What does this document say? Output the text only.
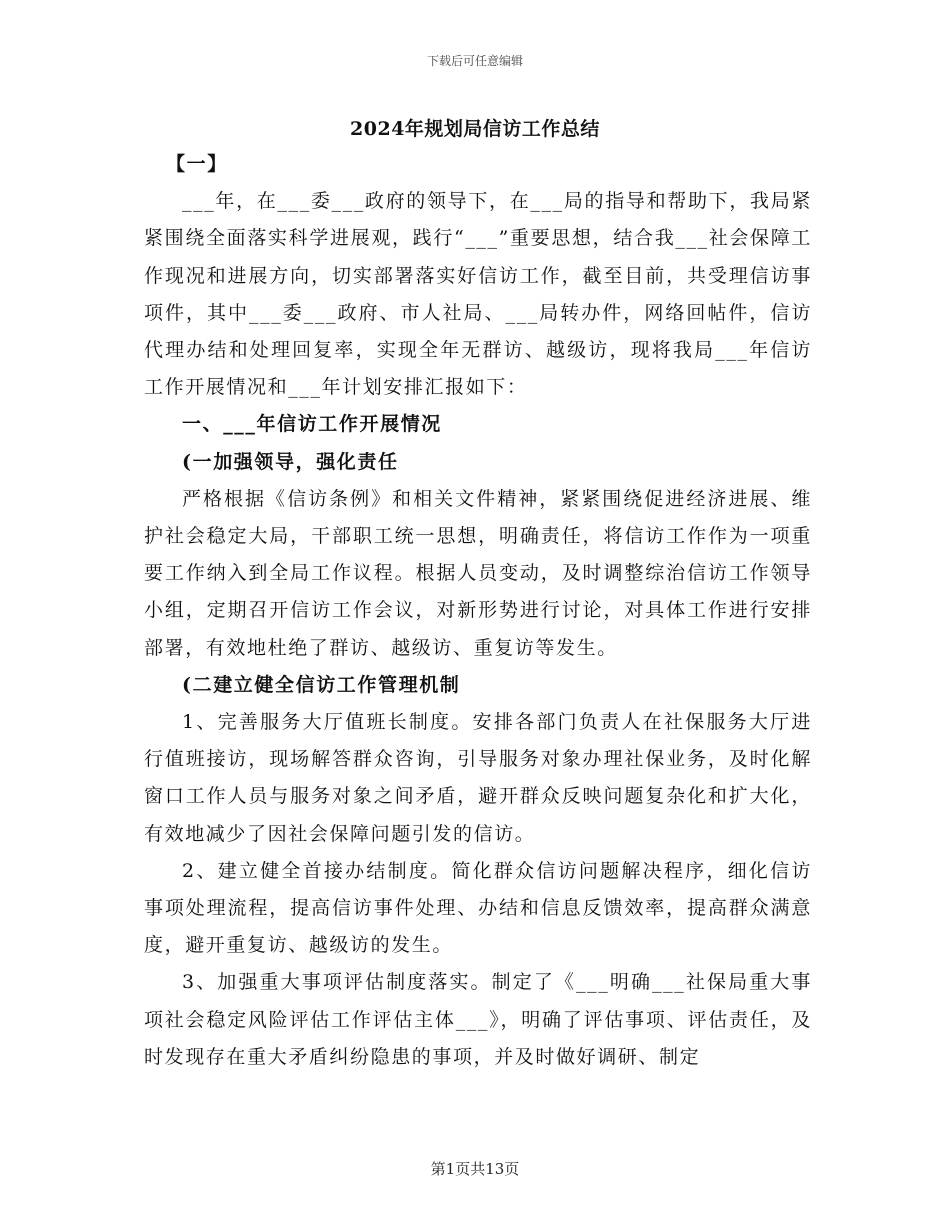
下载后可任意编辑
2024年规划局信访工作总结

【一】

___年，在___委___政府的领导下，在___局的指导和帮助下，我局紧紧围绕全面落实科学进展观，践行“___”重要思想，结合我___社会保障工作现况和进展方向，切实部署落实好信访工作，截至目前，共受理信访事项件，其中___委___政府、市人社局、___局转办件，网络回帖件，信访代理办结和处理回复率，实现全年无群访、越级访，现将我局___年信访工作开展情况和___年计划安排汇报如下：

一、___年信访工作开展情况

(一加强领导，强化责任

严格根据《信访条例》和相关文件精神，紧紧围绕促进经济进展、维护社会稳定大局，干部职工统一思想，明确责任，将信访工作作为一项重要工作纳入到全局工作议程。根据人员变动，及时调整综治信访工作领导小组，定期召开信访工作会议，对新形势进行讨论，对具体工作进行安排部署，有效地杜绝了群访、越级访、重复访等发生。

(二建立健全信访工作管理机制

1、完善服务大厅值班长制度。安排各部门负责人在社保服务大厅进行值班接访，现场解答群众咨询，引导服务对象办理社保业务，及时化解窗口工作人员与服务对象之间矛盾，避开群众反映问题复杂化和扩大化，有效地减少了因社会保障问题引发的信访。

2、建立健全首接办结制度。简化群众信访问题解决程序，细化信访事项处理流程，提高信访事件处理、办结和信息反馈效率，提高群众满意度，避开重复访、越级访的发生。

3、加强重大事项评估制度落实。制定了《___明确___社保局重大事项社会稳定风险评估工作评估主体___》，明确了评估事项、评估责任，及时发现存在重大矛盾纠纷隐患的事项，并及时做好调研、制定

第1页共13页
